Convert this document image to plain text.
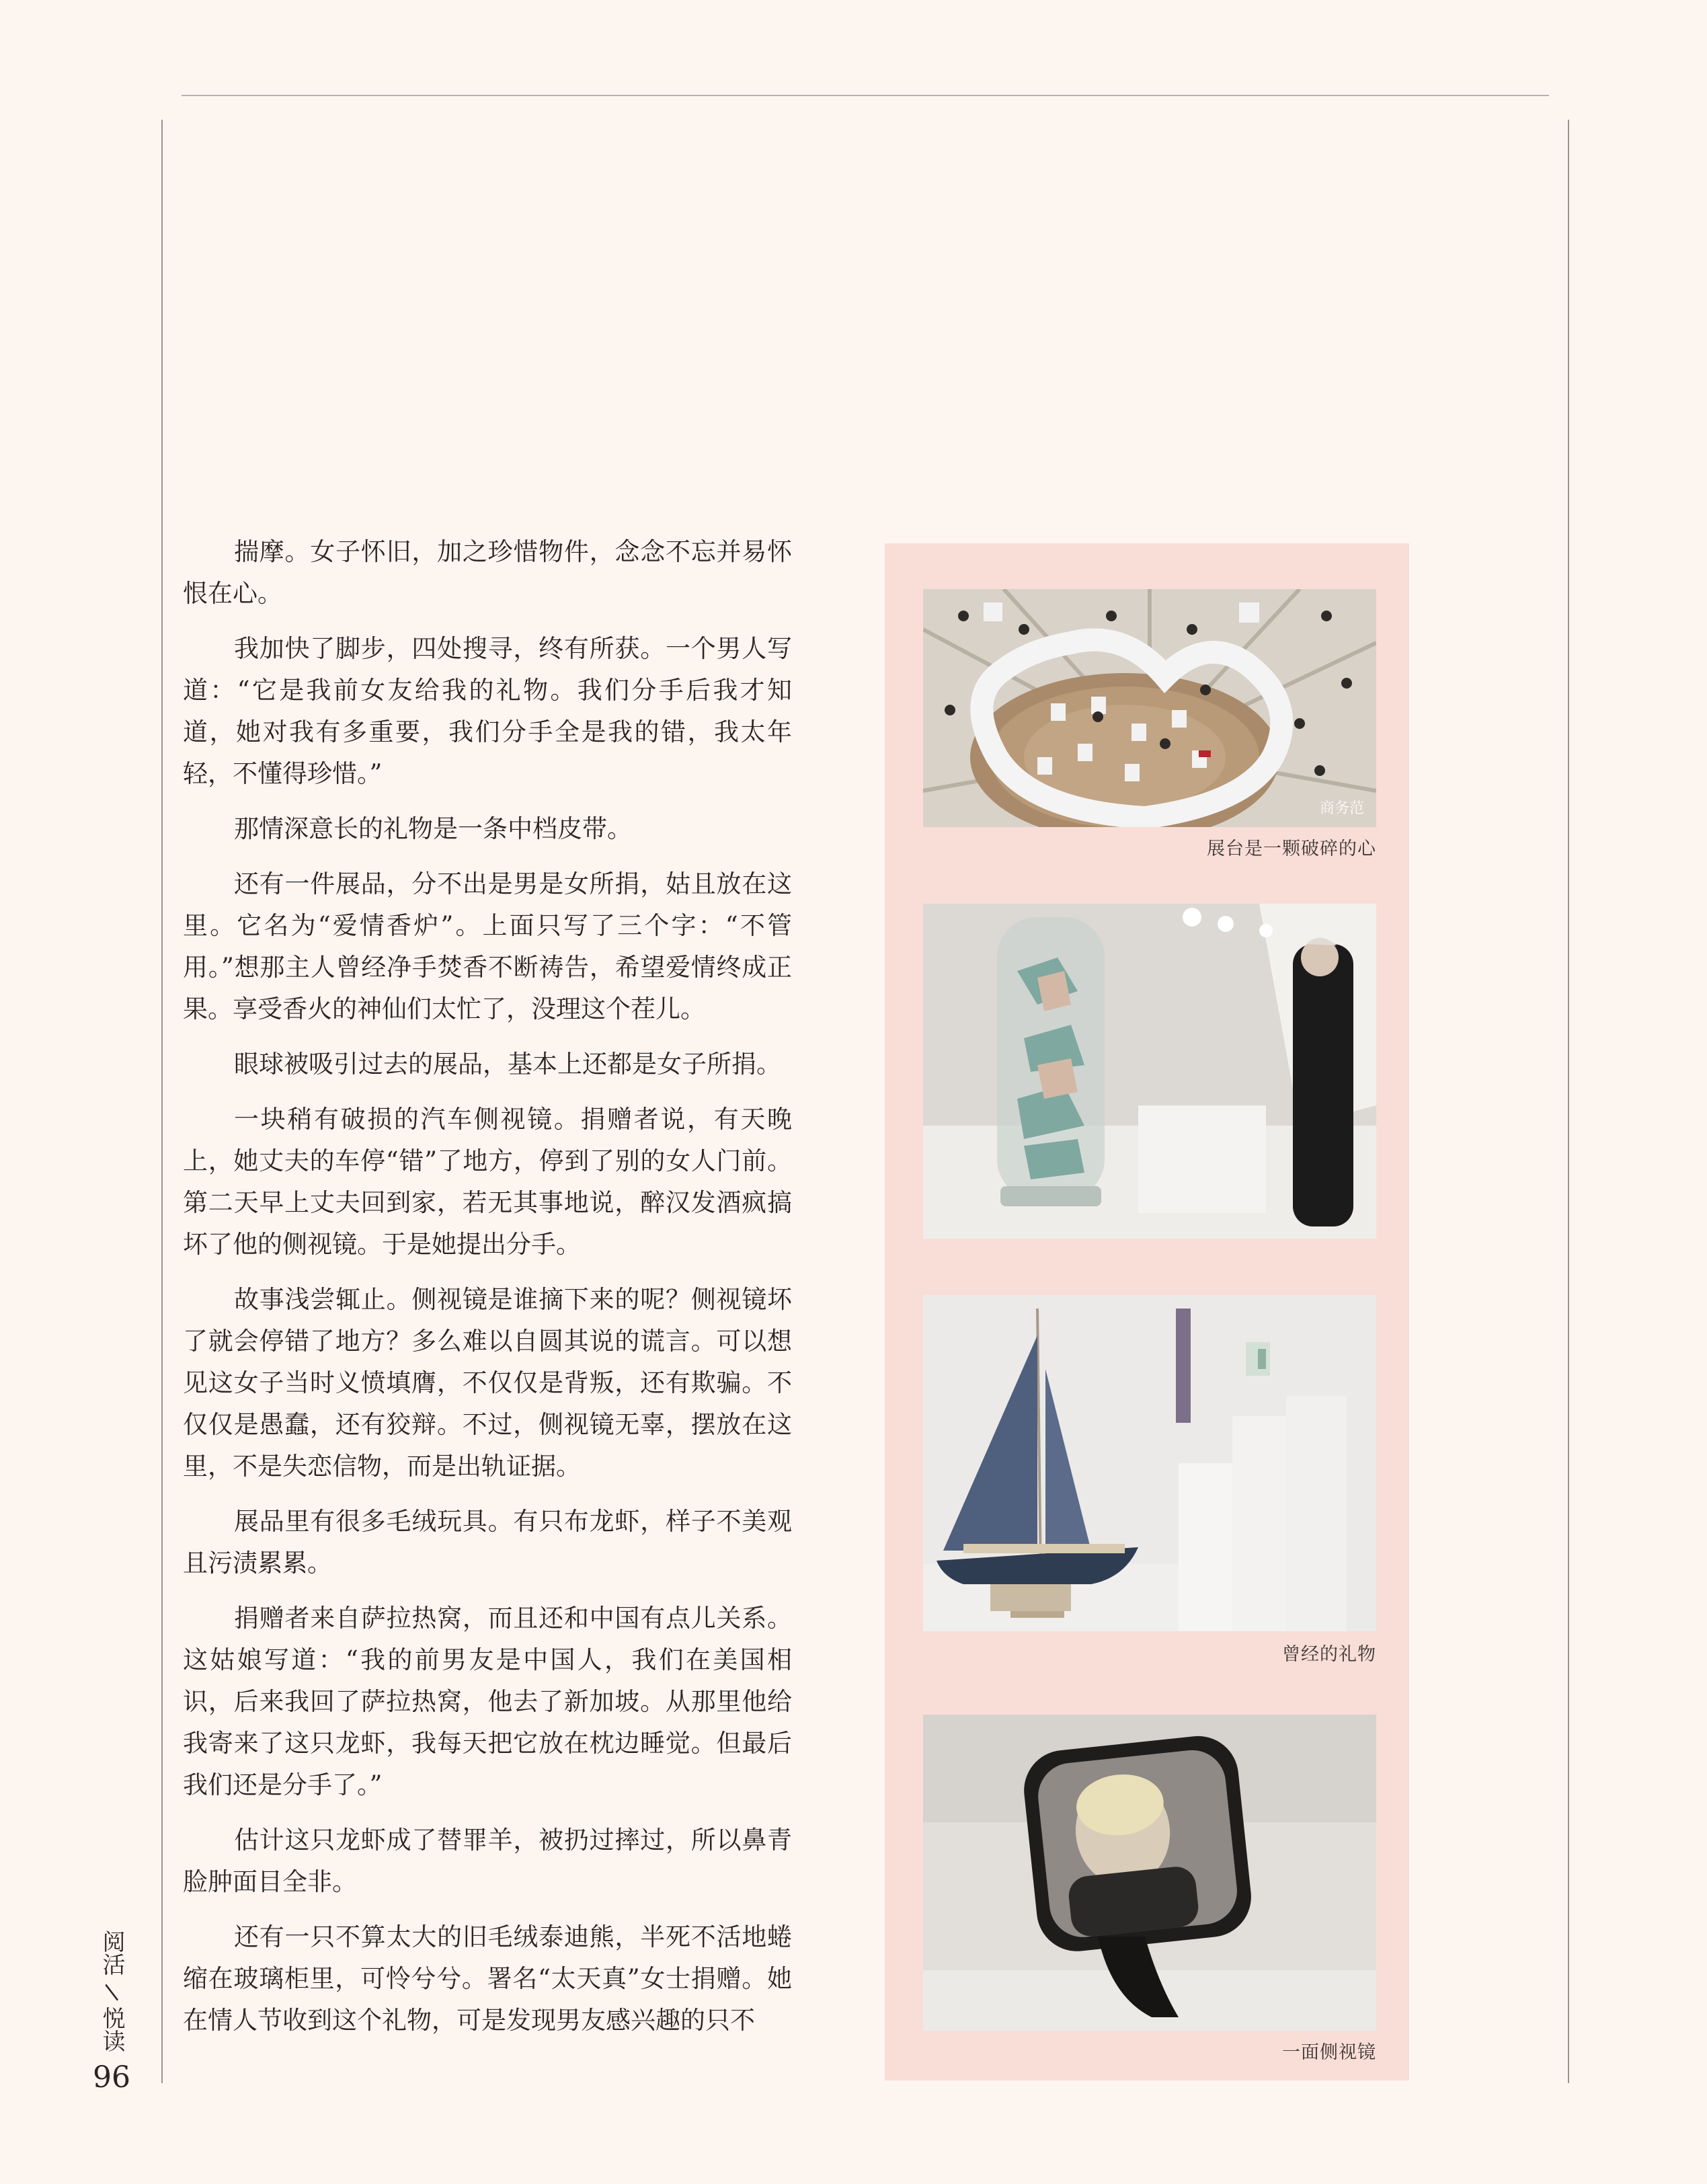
揣摩。女子怀旧，加之珍惜物件，念念不忘并易怀恨在心。

我加快了脚步，四处搜寻，终有所获。一个男人写道：“它是我前女友给我的礼物。我们分手后我才知道，她对我有多重要，我们分手全是我的错，我太年轻，不懂得珍惜。”

那情深意长的礼物是一条中档皮带。

还有一件展品，分不出是男是女所捐，姑且放在这里。它名为“爱情香炉”。上面只写了三个字：“不管用。”想那主人曾经净手焚香不断祷告，希望爱情终成正果。享受香火的神仙们太忙了，没理这个茬儿。

眼球被吸引过去的展品，基本上还都是女子所捐。

一块稍有破损的汽车侧视镜。捐赠者说，有天晚上，她丈夫的车停“错”了地方，停到了别的女人门前。第二天早上丈夫回到家，若无其事地说，醉汉发酒疯搞坏了他的侧视镜。于是她提出分手。

故事浅尝辄止。侧视镜是谁摘下来的呢？侧视镜坏了就会停错了地方？多么难以自圆其说的谎言。可以想见这女子当时义愤填膺，不仅仅是背叛，还有欺骗。不仅仅是愚蠢，还有狡辩。不过，侧视镜无辜，摆放在这里，不是失恋信物，而是出轨证据。

展品里有很多毛绒玩具。有只布龙虾，样子不美观且污渍累累。

捐赠者来自萨拉热窝，而且还和中国有点儿关系。这姑娘写道：“我的前男友是中国人，我们在美国相识，后来我回了萨拉热窝，他去了新加坡。从那里他给我寄来了这只龙虾，我每天把它放在枕边睡觉。但最后我们还是分手了。”

估计这只龙虾成了替罪羊，被扔过摔过，所以鼻青脸肿面目全非。

还有一只不算太大的旧毛绒泰迪熊，半死不活地蜷缩在玻璃柜里，可怜兮兮。署名“太天真”女士捐赠。她在情人节收到这个礼物，可是发现男友感兴趣的只不

商务范
展台是一颗破碎的心
曾经的礼物
一面侧视镜
阅活
/
悦读
96
